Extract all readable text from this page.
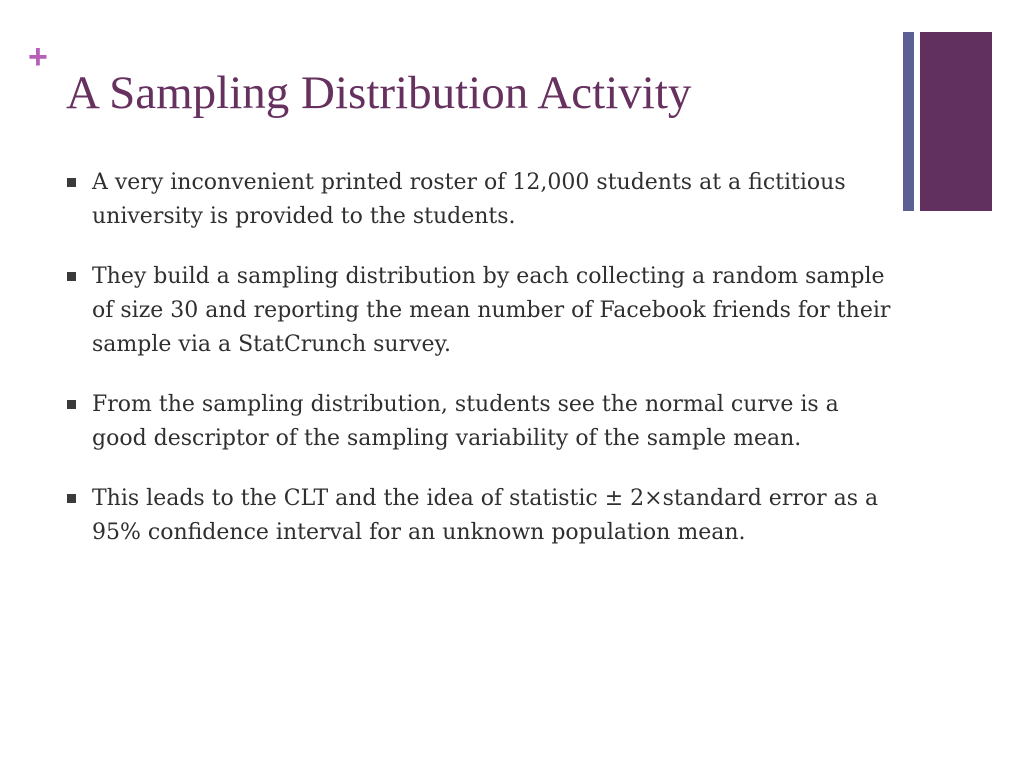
+
A Sampling Distribution Activity
A very inconvenient printed roster of 12,000 students at a fictitious university is provided to the students.
They build a sampling distribution by each collecting a random sample of size 30 and reporting the mean number of Facebook friends for their sample via a StatCrunch survey.
From the sampling distribution, students see the normal curve is a good descriptor of the sampling variability of the sample mean.
This leads to the CLT and the idea of statistic ± 2×standard error as a 95% confidence interval for an unknown population mean.
